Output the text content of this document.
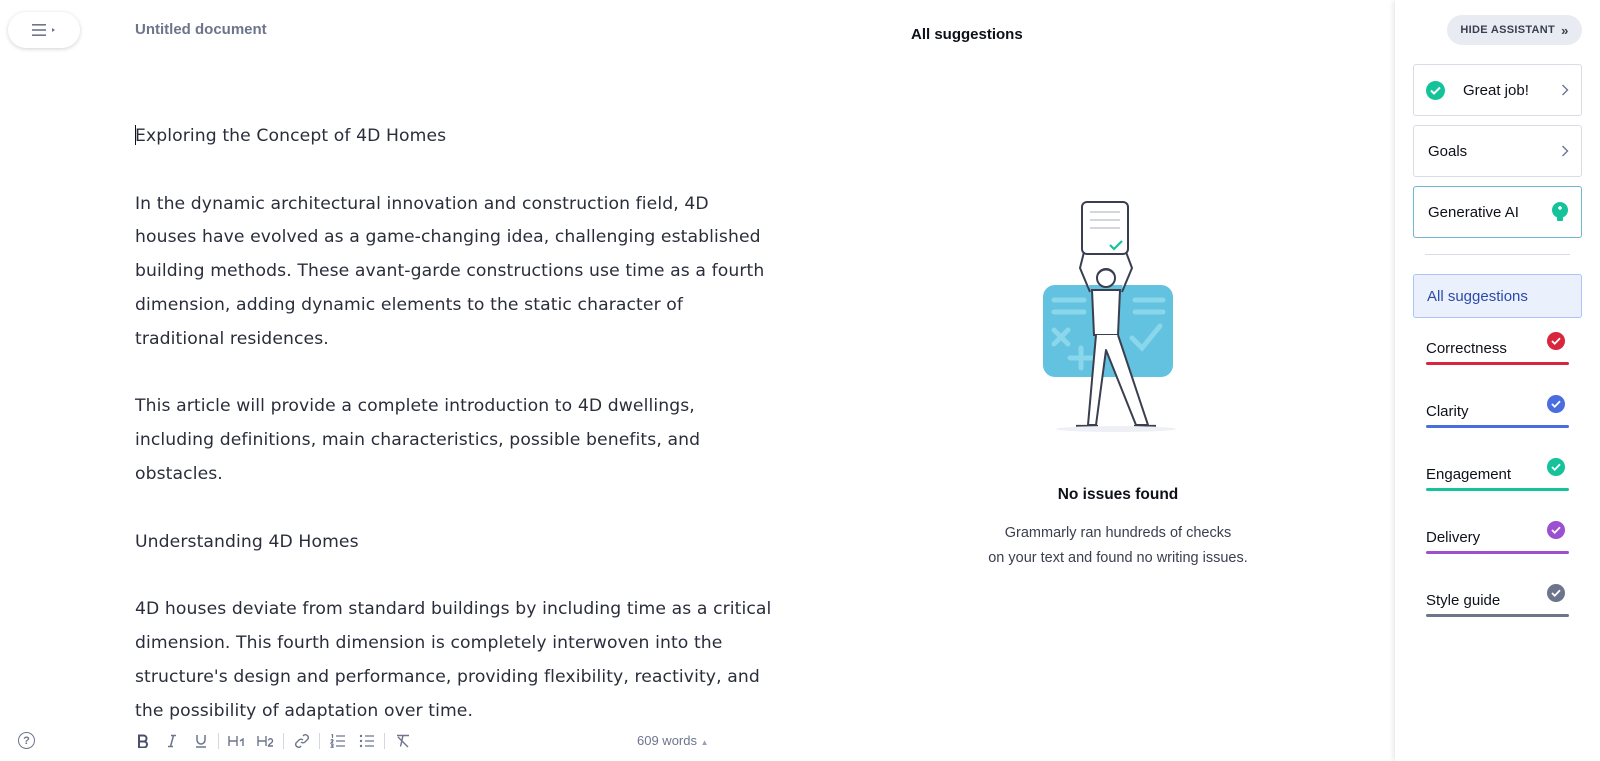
Untitled document

Exploring the Concept of 4D Homes

In the dynamic architectural innovation and construction field, 4D houses have evolved as a game-changing idea, challenging established building methods. These avant-garde constructions use time as a fourth dimension, adding dynamic elements to the static character of traditional residences.

This article will provide a complete introduction to 4D dwellings, including definitions, main characteristics, possible benefits, and obstacles.

Understanding 4D Homes

4D houses deviate from standard buildings by including time as a critical dimension. This fourth dimension is completely interwoven into the structure's design and performance, providing flexibility, reactivity, and the possibility of adaptation over time.

?	609 words ▲
All suggestions
No issues found
Grammarly ran hundreds of checks
on your text and found no writing issues.
HIDE ASSISTANT »
Great job!
Goals
Generative AI
All suggestions
Correctness
Clarity
Engagement
Delivery
Style guide
